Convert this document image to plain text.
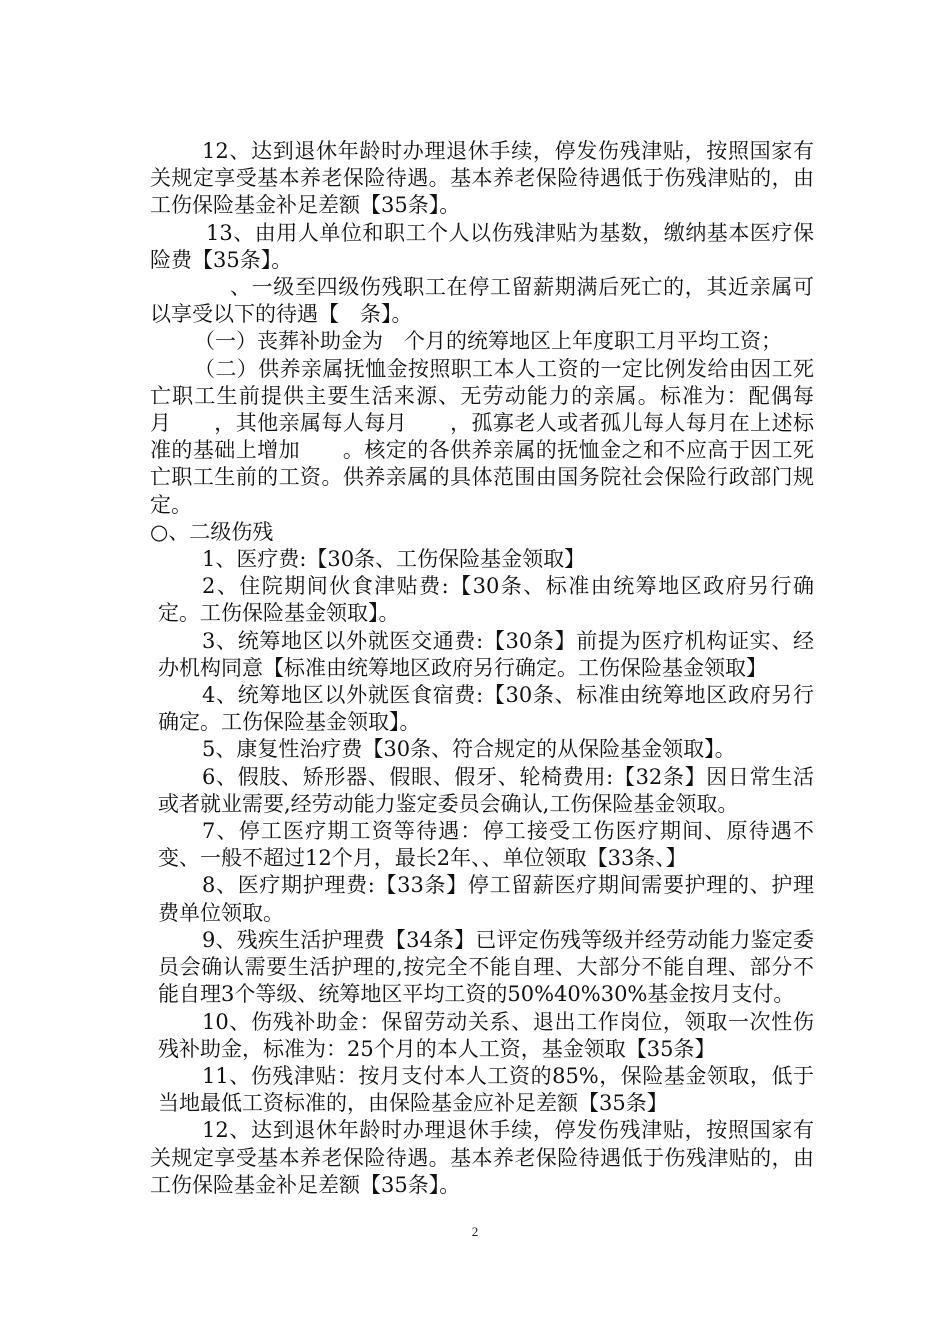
12、达到退休年龄时办理退休手续，停发伤残津贴，按照国家有关规定享受基本养老保险待遇。基本养老保险待遇低于伤残津贴的，由工伤保险基金补足差额【35条】。

13、由用人单位和职工个人以伤残津贴为基数，缴纳基本医疗保险费【35条】。

、一级至四级伤残职工在停工留薪期满后死亡的，其近亲属可以享受以下的待遇【　条】。

（一）丧葬补助金为　个月的统筹地区上年度职工月平均工资；

（二）供养亲属抚恤金按照职工本人工资的一定比例发给由因工死亡职工生前提供主要生活来源、无劳动能力的亲属。标准为：配偶每月　　，其他亲属每人每月　　，孤寡老人或者孤儿每人每月在上述标准的基础上增加　　。核定的各供养亲属的抚恤金之和不应高于因工死亡职工生前的工资。供养亲属的具体范围由国务院社会保险行政部门规定。

○、二级伤残

1、医疗费:【30条、工伤保险基金领取】

2、住院期间伙食津贴费:【30条、标准由统筹地区政府另行确定。工伤保险基金领取】。

3、统筹地区以外就医交通费:【30条】前提为医疗机构证实、经办机构同意【标准由统筹地区政府另行确定。工伤保险基金领取】

4、统筹地区以外就医食宿费:【30条、标准由统筹地区政府另行确定。工伤保险基金领取】。

5、康复性治疗费【30条、符合规定的从保险基金领取】。

6、假肢、矫形器、假眼、假牙、轮椅费用:【32条】因日常生活或者就业需要,经劳动能力鉴定委员会确认,工伤保险基金领取。

7、停工医疗期工资等待遇：停工接受工伤医疗期间、原待遇不变、一般不超过12个月，最长2年、、单位领取【33条、】

8、医疗期护理费:【33条】停工留薪医疗期间需要护理的、护理费单位领取。

9、残疾生活护理费【34条】已评定伤残等级并经劳动能力鉴定委员会确认需要生活护理的,按完全不能自理、大部分不能自理、部分不能自理3个等级、统筹地区平均工资的50%40%30%基金按月支付。

10、伤残补助金：保留劳动关系、退出工作岗位，领取一次性伤残补助金，标准为：25个月的本人工资，基金领取【35条】

11、伤残津贴：按月支付本人工资的85%，保险基金领取，低于当地最低工资标准的，由保险基金应补足差额【35条】

12、达到退休年龄时办理退休手续，停发伤残津贴，按照国家有关规定享受基本养老保险待遇。基本养老保险待遇低于伤残津贴的，由工伤保险基金补足差额【35条】。

2
